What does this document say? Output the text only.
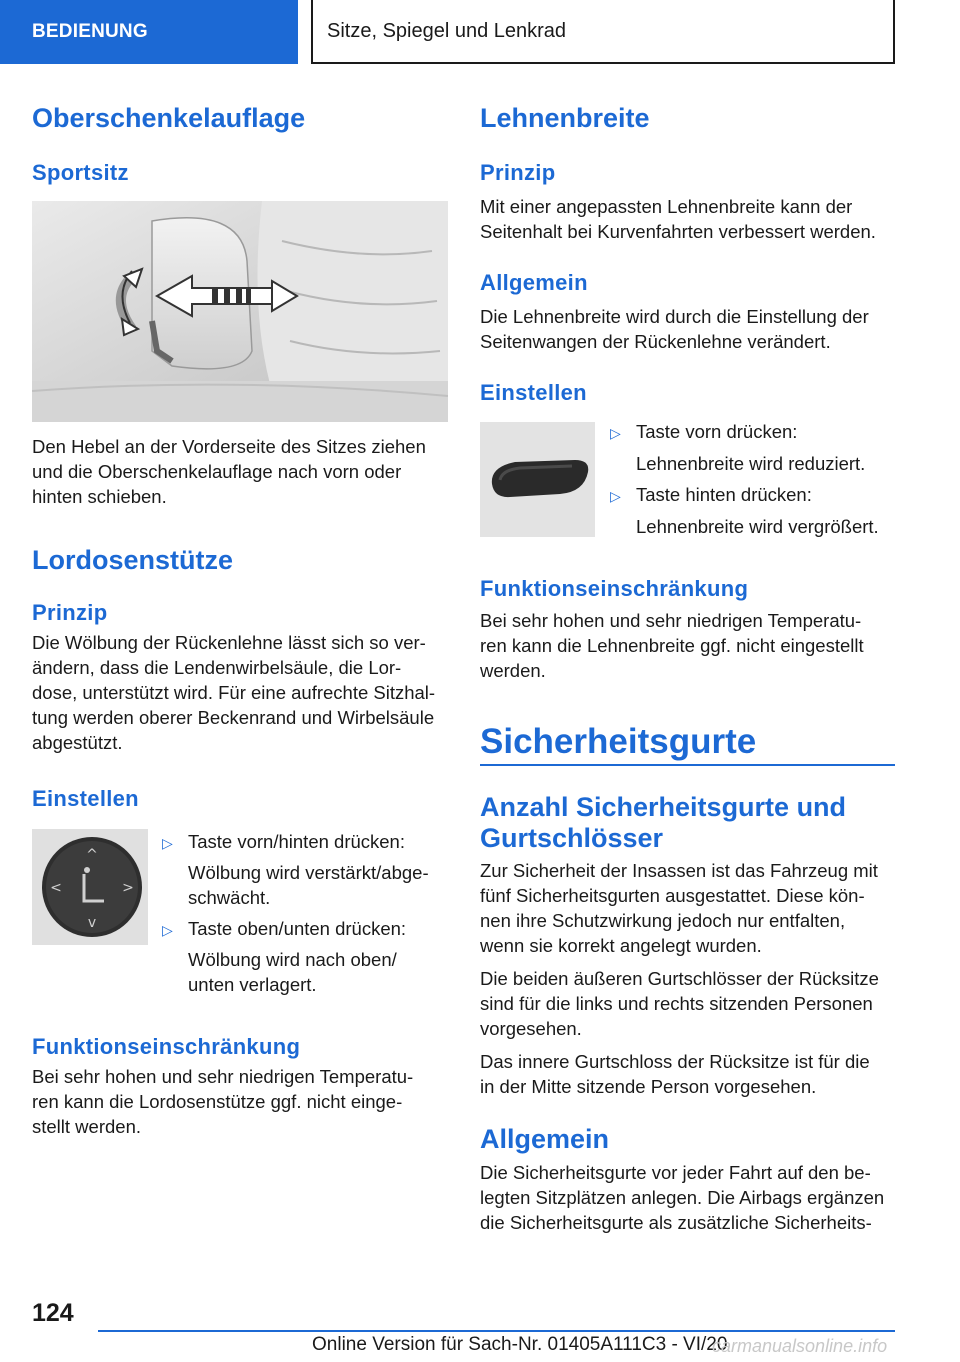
BEDIENUNG	Sitze, Spiegel und Lenkrad
Oberschenkelauflage
Sportsitz

Den Hebel an der Vorderseite des Sitzes ziehen
und die Oberschenkelauflage nach vorn oder
hinten schieben.

Lordosenstütze
Prinzip

Die Wölbung der Rückenlehne lässt sich so ver-
ändern, dass die Lendenwirbelsäule, die Lor-
dose, unterstützt wird. Für eine aufrechte Sitzhal-
tung werden oberer Beckenrand und Wirbelsäule
abgestützt.

Einstellen
^
v
<	>
▷ Taste vorn/hinten drücken:
Wölbung wird verstärkt/abge-
schwächt.
▷ Taste oben/unten drücken:
Wölbung wird nach oben/
unten verlagert.
Funktionseinschränkung

Bei sehr hohen und sehr niedrigen Temperatu-
ren kann die Lordosenstütze ggf. nicht einge-
stellt werden.

Lehnenbreite
Prinzip

Mit einer angepassten Lehnenbreite kann der
Seitenhalt bei Kurvenfahrten verbessert werden.

Allgemein

Die Lehnenbreite wird durch die Einstellung der
Seitenwangen der Rückenlehne verändert.

Einstellen
▷ Taste vorn drücken:
Lehnenbreite wird reduziert.
▷ Taste hinten drücken:
Lehnenbreite wird vergrößert.
Funktionseinschränkung

Bei sehr hohen und sehr niedrigen Temperatu-
ren kann die Lehnenbreite ggf. nicht eingestellt
werden.

Sicherheitsgurte
Anzahl Sicherheitsgurte und
Gurtschlösser

Zur Sicherheit der Insassen ist das Fahrzeug mit
fünf Sicherheitsgurten ausgestattet. Diese kön-
nen ihre Schutzwirkung jedoch nur entfalten,
wenn sie korrekt angelegt wurden.

Die beiden äußeren Gurtschlösser der Rücksitze
sind für die links und rechts sitzenden Personen
vorgesehen.

Das innere Gurtschloss der Rücksitze ist für die
in der Mitte sitzende Person vorgesehen.

Allgemein

Die Sicherheitsgurte vor jeder Fahrt auf den be-
legten Sitzplätzen anlegen. Die Airbags ergänzen
die Sicherheitsgurte als zusätzliche Sicherheits-

124
Online Version für Sach-Nr. 01405A111C3 - VI/20
carmanualsonline.info
